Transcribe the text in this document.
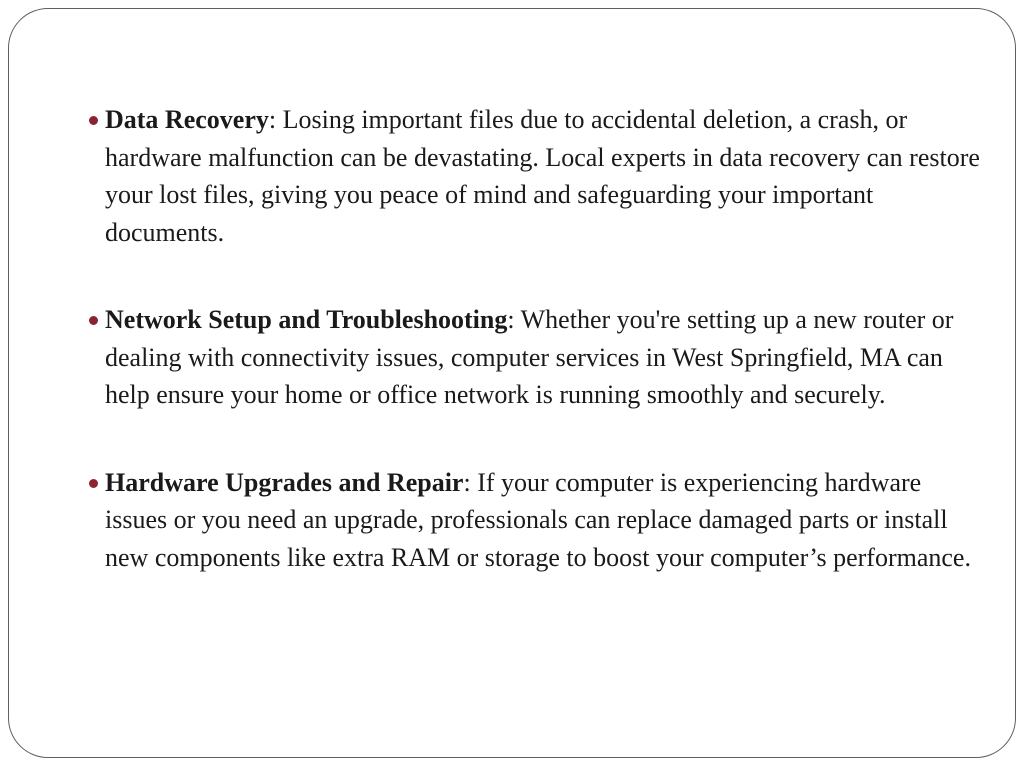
Data Recovery: Losing important files due to accidental deletion, a crash, or hardware malfunction can be devastating. Local experts in data recovery can restore your lost files, giving you peace of mind and safeguarding your important documents.
Network Setup and Troubleshooting: Whether you're setting up a new router or dealing with connectivity issues, computer services in West Springfield, MA can help ensure your home or office network is running smoothly and securely.
Hardware Upgrades and Repair: If your computer is experiencing hardware issues or you need an upgrade, professionals can replace damaged parts or install new components like extra RAM or storage to boost your computer’s performance.
